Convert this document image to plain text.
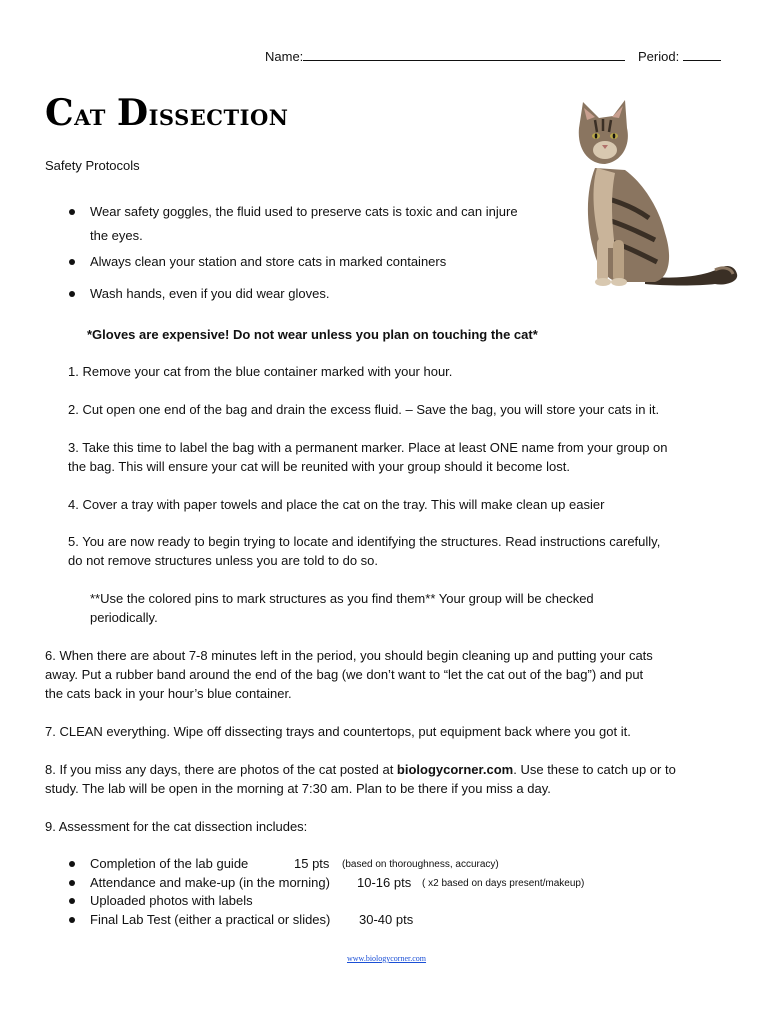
Name:	Period:
Cat Dissection
Safety Protocols
Wear safety goggles, the fluid used to preserve cats is toxic and can injure
the eyes.
Always clean your station and store cats in marked containers
Wash hands, even if you did wear gloves.
*Gloves are expensive! Do not wear unless you plan on touching the cat*
1. Remove your cat from the blue container marked with your hour.
2. Cut open one end of the bag and drain the excess fluid. – Save the bag, you will store your cats in it.
3. Take this time to label the bag with a permanent marker. Place at least ONE name from your group on
the bag. This will ensure your cat will be reunited with your group should it become lost.
4. Cover a tray with paper towels and place the cat on the tray. This will make clean up easier
5. You are now ready to begin trying to locate and identifying the structures. Read instructions carefully,
do not remove structures unless you are told to do so.
**Use the colored pins to mark structures as you find them** Your group will be checked
periodically.
6. When there are about 7-8 minutes left in the period, you should begin cleaning up and putting your cats
away. Put a rubber band around the end of the bag (we don’t want to “let the cat out of the bag”) and put
the cats back in your hour’s blue container.
7. CLEAN everything. Wipe off dissecting trays and countertops, put equipment back where you got it.
8. If you miss any days, there are photos of the cat posted at biologycorner.com. Use these to catch up or to
study. The lab will be open in the morning at 7:30 am. Plan to be there if you miss a day.
9. Assessment for the cat dissection includes:
Completion of the lab guide	15 pts (based on thoroughness, accuracy)
Attendance and make-up (in the morning) 10-16 pts ( x2 based on days present/makeup)
Uploaded photos with labels
Final Lab Test (either a practical or slides) 30-40 pts
www.biologycorner.com
